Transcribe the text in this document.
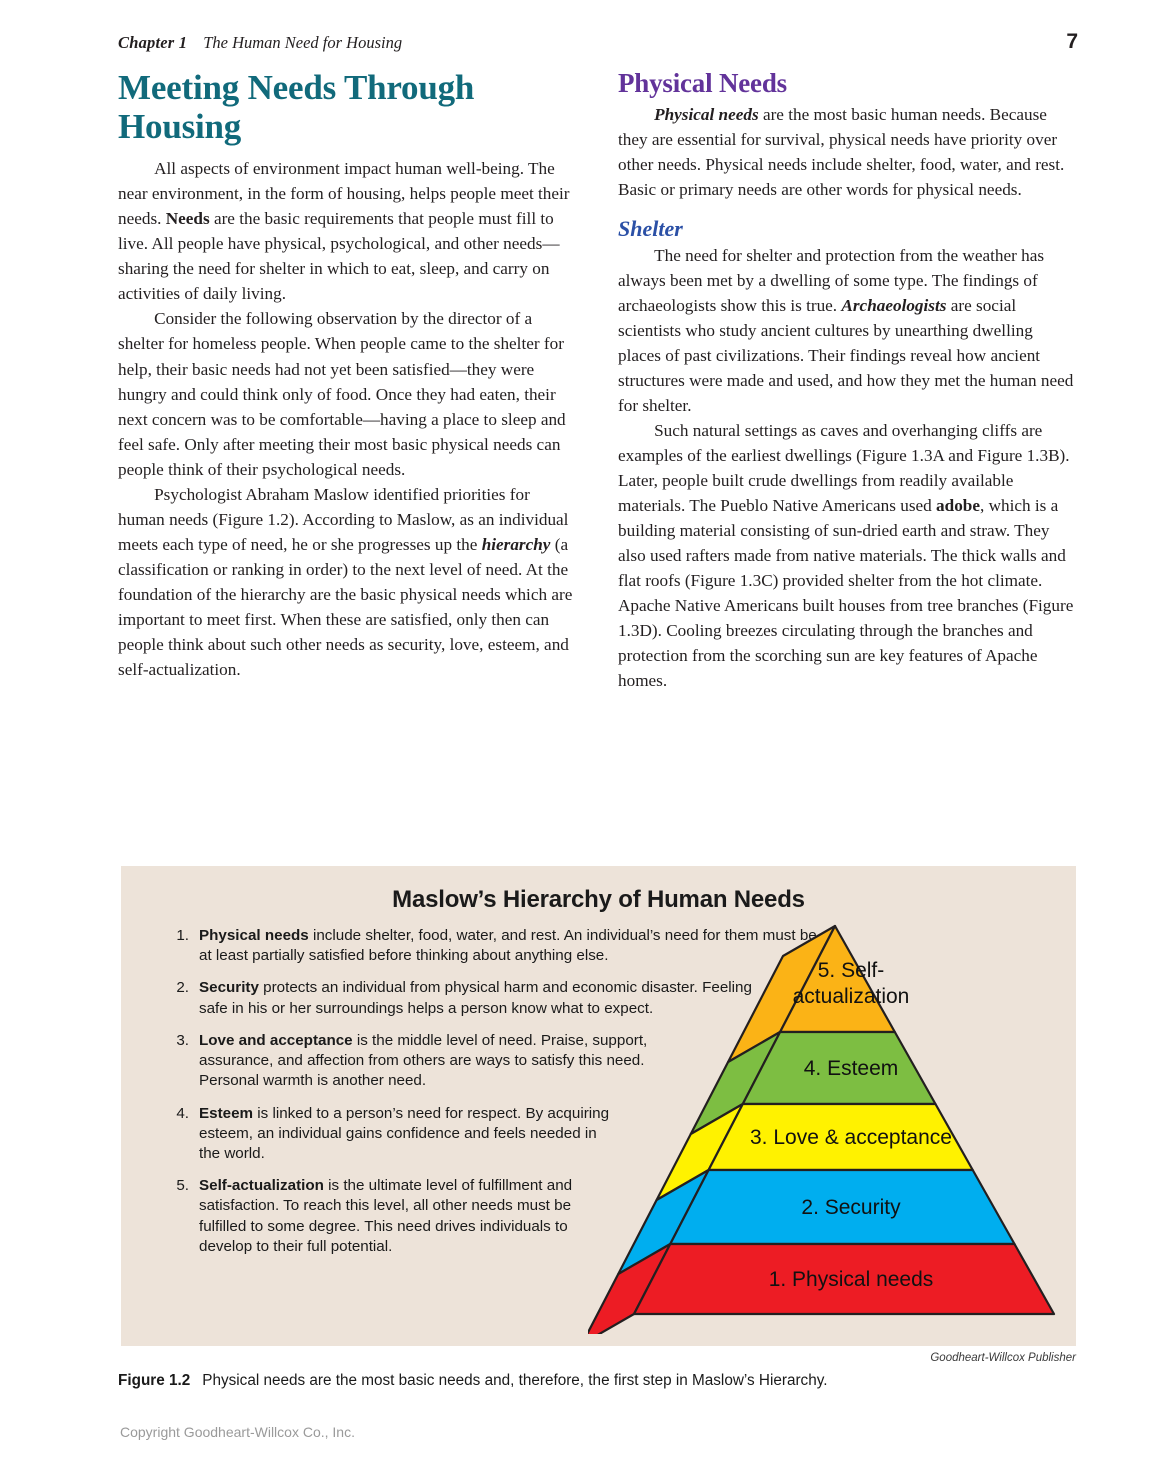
Chapter 1 The Human Need for Housing	7
Meeting Needs Through Housing

All aspects of environment impact human well-being. The near environment, in the form of housing, helps people meet their needs. Needs are the basic requirements that people must fill to live. All people have physical, psychological, and other needs—sharing the need for shelter in which to eat, sleep, and carry on activities of daily living.

Consider the following observation by the director of a shelter for homeless people. When people came to the shelter for help, their basic needs had not yet been satisfied—they were hungry and could think only of food. Once they had eaten, their next concern was to be comfortable—having a place to sleep and feel safe. Only after meeting their most basic physical needs can people think of their psychological needs.

Psychologist Abraham Maslow identified priorities for human needs (Figure 1.2). According to Maslow, as an individual meets each type of need, he or she progresses up the hierarchy (a classification or ranking in order) to the next level of need. At the foundation of the hierarchy are the basic physical needs which are important to meet first. When these are satisfied, only then can people think about such other needs as security, love, esteem, and self-actualization.

Physical Needs

Physical needs are the most basic human needs. Because they are essential for survival, physical needs have priority over other needs. Physical needs include shelter, food, water, and rest. Basic or primary needs are other words for physical needs.

Shelter

The need for shelter and protection from the weather has always been met by a dwelling of some type. The findings of archaeologists show this is true. Archaeologists are social scientists who study ancient cultures by unearthing dwelling places of past civilizations. Their findings reveal how ancient structures were made and used, and how they met the human need for shelter.

Such natural settings as caves and overhanging cliffs are examples of the earliest dwellings (Figure 1.3A and Figure 1.3B). Later, people built crude dwellings from readily available materials. The Pueblo Native Americans used adobe, which is a building material consisting of sun-dried earth and straw. They also used rafters made from native materials. The thick walls and flat roofs (Figure 1.3C) provided shelter from the hot climate. Apache Native Americans built houses from tree branches (Figure 1.3D). Cooling breezes circulating through the branches and protection from the scorching sun are key features of Apache homes.

Maslow’s Hierarchy of Human Needs
1. Physical needs include shelter, food, water, and rest. An individual’s need for them must be at least partially satisfied before thinking about anything else.
2. Security protects an individual from physical harm and economic disaster. Feeling safe in his or her surroundings helps a person know what to expect.
3. Love and acceptance is the middle level of need. Praise, support, assurance, and affection from others are ways to satisfy this need. Personal warmth is another need.
4. Esteem is linked to a person’s need for respect. By acquiring esteem, an individual gains confidence and feels needed in the world.
5. Self-actualization is the ultimate level of fulfillment and satisfaction. To reach this level, all other needs must be fulfilled to some degree. This need drives individuals to develop to their full potential.
5. Self-actualization
4. Esteem
3. Love & acceptance
2. Security
1. Physical needs
Goodheart-Willcox Publisher
Figure 1.2 Physical needs are the most basic needs and, therefore, the first step in Maslow’s Hierarchy.
Copyright Goodheart-Willcox Co., Inc.
